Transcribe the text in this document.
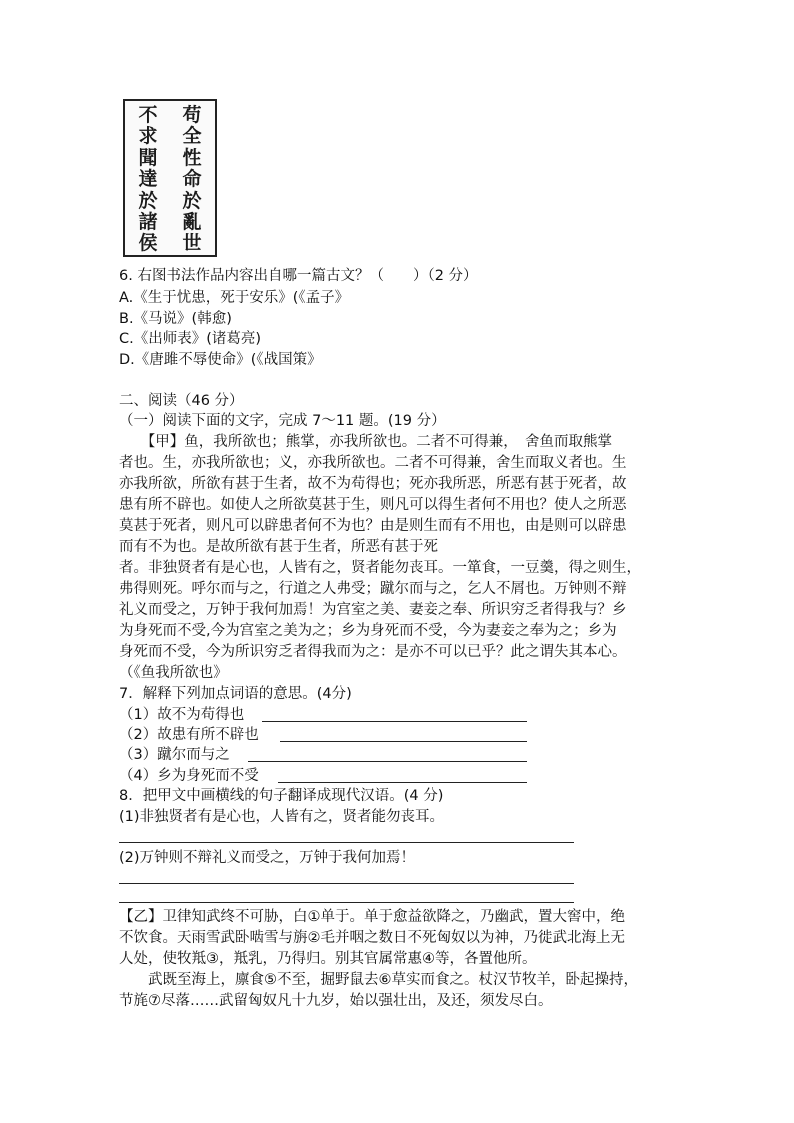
苟
全
性
命
於
亂
世
不
求
聞
達
於
諸
侯
6. 右图书法作品内容出自哪一篇古文？（　　）（2 分）
A.《生于忧患，死于安乐》(《孟子》
B.《马说》(韩愈)
C.《出师表》(诸葛亮)
D.《唐雎不辱使命》(《战国策》
二、阅读（46 分）
（一）阅读下面的文字，完成 7～11 题。(19 分）
　　【甲】鱼，我所欲也；熊掌，亦我所欲也。二者不可得兼，　舍鱼而取熊掌
者也。生，亦我所欲也；义，亦我所欲也。二者不可得兼，舍生而取义者也。生
亦我所欲，所欲有甚于生者，故不为苟得也；死亦我所恶，所恶有甚于死者，故
患有所不辟也。如使人之所欲莫甚于生，则凡可以得生者何不用也？使人之所恶
莫甚于死者，则凡可以辟患者何不为也？由是则生而有不用也，由是则可以辟患
而有不为也。是故所欲有甚于生者，所恶有甚于死
者。非独贤者有是心也，人皆有之，贤者能勿丧耳。一箪食，一豆羹，得之则生，
弗得则死。呼尔而与之，行道之人弗受；蹴尔而与之，乞人不屑也。万钟则不辩
礼义而受之，万钟于我何加焉！为宫室之美、妻妾之奉、所识穷乏者得我与？乡
为身死而不受,今为宫室之美为之；乡为身死而不受，今为妻妾之奉为之；乡为
身死而不受，今为所识穷乏者得我而为之：是亦不可以已乎？此之谓失其本心。
（《鱼我所欲也》
7．解释下列加点词语的意思。(4分)
（1）故不为苟得也
（2）故患有所不辟也
（3）蹴尔而与之
（4）乡为身死而不受
8．把甲文中画横线的句子翻译成现代汉语。(4 分)
(1)非独贤者有是心也，人皆有之，贤者能勿丧耳。
(2)万钟则不辩礼义而受之，万钟于我何加焉！
【乙】卫律知武终不可胁，白①单于。单于愈益欲降之，乃幽武，置大窖中，绝
不饮食。天雨雪武卧啮雪与旃②毛并咽之数日不死匈奴以为神，乃徙武北海上无
人处，使牧羝③，羝乳，乃得归。别其官属常惠④等，各置他所。
　　武既至海上，廪食⑤不至，掘野鼠去⑥草实而食之。杖汉节牧羊，卧起操持，
节旄⑦尽落……武留匈奴凡十九岁，始以强壮出，及还，须发尽白。
